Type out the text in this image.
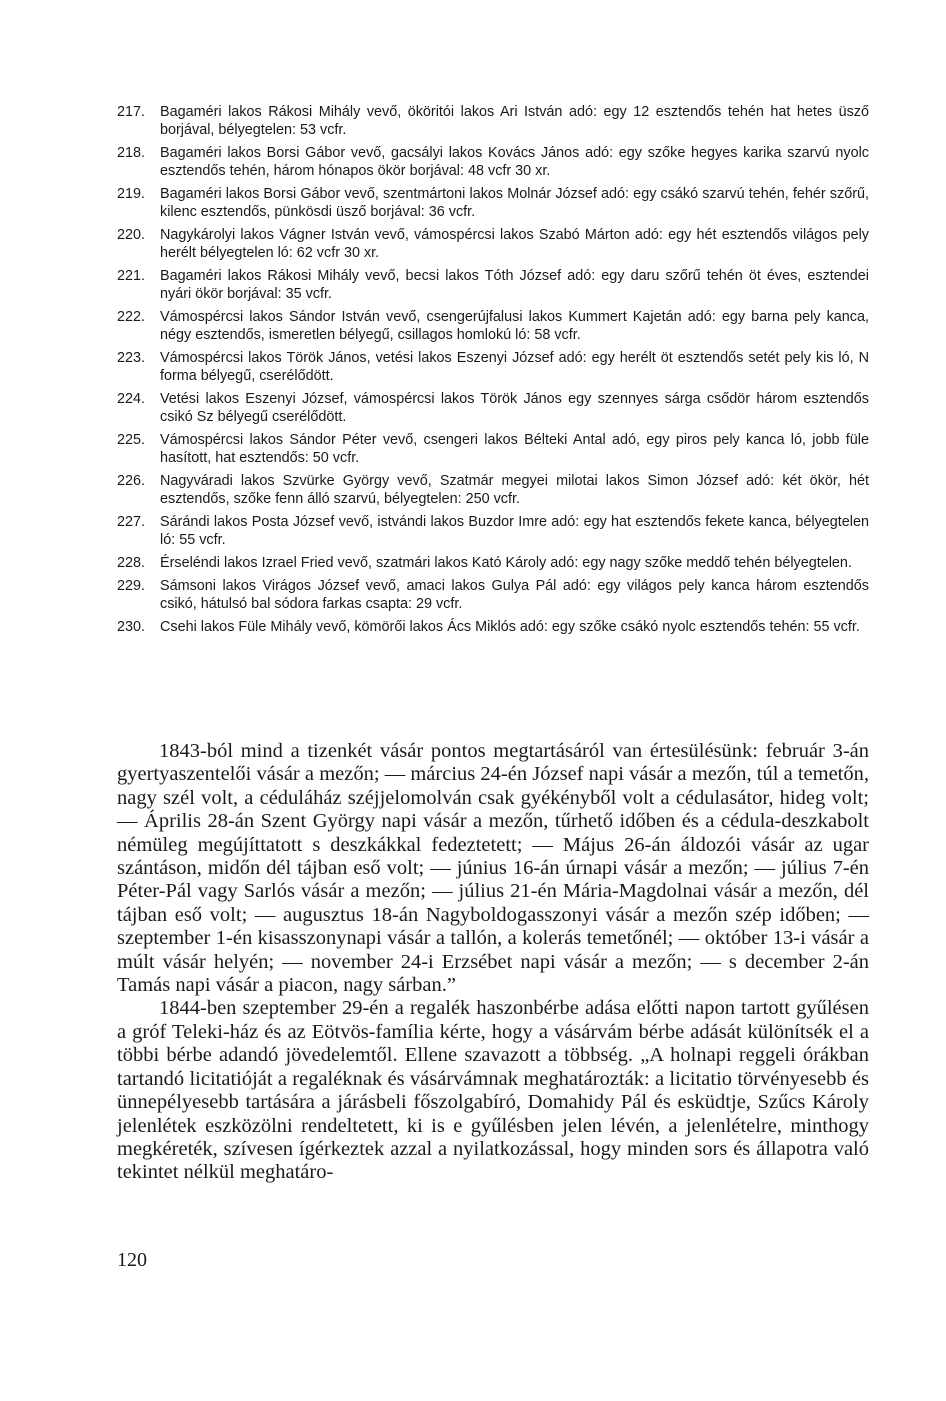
217.	Bagaméri lakos Rákosi Mihály vevő, ököritói lakos Ari István adó: egy 12 esztendős tehén hat hetes üsző borjával, bélyegtelen: 53 vcfr.
218.	Bagaméri lakos Borsi Gábor vevő, gacsályi lakos Kovács János adó: egy szőke hegyes karika szarvú nyolc esztendős tehén, három hónapos ökör borjával: 48 vcfr 30 xr.
219.	Bagaméri lakos Borsi Gábor vevő, szentmártoni lakos Molnár József adó: egy csákó szarvú tehén, fehér szőrű, kilenc esztendős, pünkösdi üsző borjával: 36 vcfr.
220.	Nagykárolyi lakos Vágner István vevő, vámospércsi lakos Szabó Márton adó: egy hét esztendős világos pely herélt bélyegtelen ló: 62 vcfr 30 xr.
221.	Bagaméri lakos Rákosi Mihály vevő, becsi lakos Tóth József adó: egy daru szőrű tehén öt éves, esztendei nyári ökör borjával: 35 vcfr.
222.	Vámospércsi lakos Sándor István vevő, csengerújfalusi lakos Kummert Kajetán adó: egy barna pely kanca, négy esztendős, ismeretlen bélyegű, csillagos homlokú ló: 58 vcfr.
223.	Vámospércsi lakos Török János, vetési lakos Eszenyi József adó: egy herélt öt esztendős setét pely kis ló, N forma bélyegű, cserélődött.
224.	Vetési lakos Eszenyi József, vámospércsi lakos Török János egy szennyes sárga csődör három esztendős csikó Sz bélyegű cserélődött.
225.	Vámospércsi lakos Sándor Péter vevő, csengeri lakos Bélteki Antal adó, egy piros pely kanca ló, jobb füle hasított, hat esztendős: 50 vcfr.
226.	Nagyváradi lakos Szvürke György vevő, Szatmár megyei milotai lakos Simon József adó: két ökör, hét esztendős, szőke fenn álló szarvú, bélyegtelen: 250 vcfr.
227.	Sárándi lakos Posta József vevő, istvándi lakos Buzdor Imre adó: egy hat esztendős fekete kanca, bélyegtelen ló: 55 vcfr.
228.	Érseléndi lakos Izrael Fried vevő, szatmári lakos Kató Károly adó: egy nagy szőke meddő tehén bélyegtelen.
229.	Sámsoni lakos Virágos József vevő, amaci lakos Gulya Pál adó: egy világos pely kanca három esztendős csikó, hátulsó bal sódora farkas csapta: 29 vcfr.
230.	Csehi lakos Füle Mihály vevő, kömörői lakos Ács Miklós adó: egy szőke csákó nyolc esztendős tehén: 55 vcfr.

1843-ból mind a tizenkét vásár pontos megtartásáról van értesülésünk: február 3-án gyertyaszentelői vásár a mezőn; — március 24-én József napi vásár a mezőn, túl a temetőn, nagy szél volt, a céduláház széjjelomolván csak gyékényből volt a cédulasátor, hideg volt; — Április 28-án Szent György napi vásár a mezőn, tűrhető időben és a cédula-deszkabolt némüleg megújíttatott s deszkákkal fedeztetett; — Május 26-án áldozói vásár az ugar szántáson, midőn dél tájban eső volt; — június 16-án úrnapi vásár a mezőn; — július 7-én Péter-Pál vagy Sarlós vásár a mezőn; — július 21-én Mária-Magdolnai vásár a mezőn, dél tájban eső volt; — augusztus 18-án Nagyboldogasszonyi vásár a mezőn szép időben; — szeptember 1-én kisasszonynapi vásár a tallón, a kolerás temetőnél; — október 13-i vásár a múlt vásár helyén; — november 24-i Erzsébet napi vásár a mezőn; — s december 2-án Tamás napi vásár a piacon, nagy sárban.”

1844-ben szeptember 29-én a regalék haszonbérbe adása előtti napon tartott gyűlésen a gróf Teleki-ház és az Eötvös-família kérte, hogy a vásárvám bérbe adását különítsék el a többi bérbe adandó jövedelemtől. Ellene szavazott a többség. „A holnapi reggeli órákban tartandó licitatióját a regaléknak és vásárvámnak meghatározták: a licitatio törvényesebb és ünnepélyesebb tartására a járásbeli főszolgabíró, Domahidy Pál és esküdtje, Szűcs Károly jelenlétek eszközölni rendeltetett, ki is e gyűlésben jelen lévén, a jelenlételre, minthogy megkéreték, szívesen ígérkeztek azzal a nyilatkozással, hogy minden sors és állapotra való tekintet nélkül meghatáro-

120
